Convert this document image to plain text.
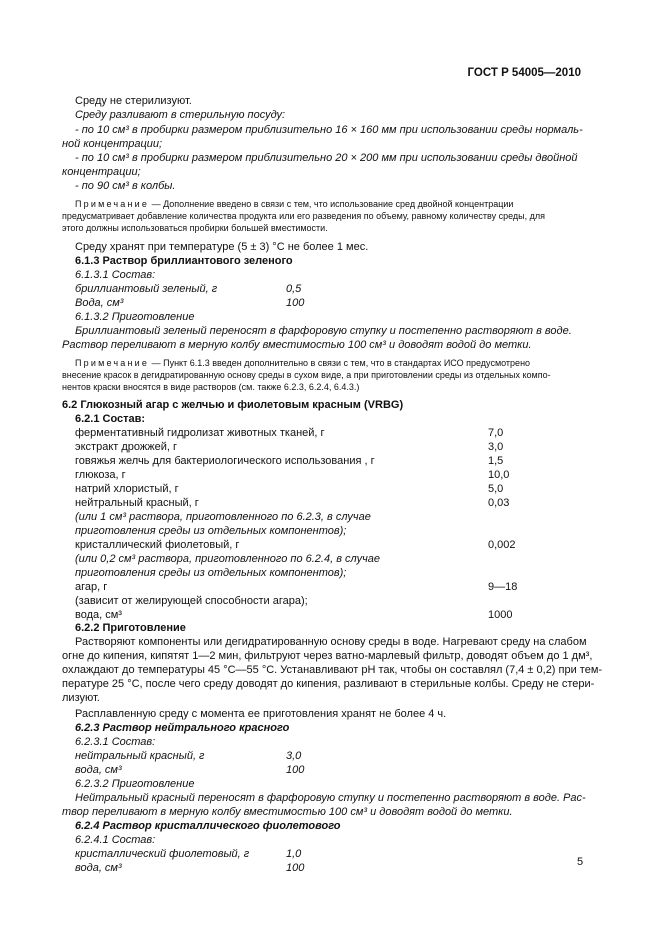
ГОСТ Р 54005—2010
Среду не стерилизуют.
Среду разливают в стерильную посуду:
- по 10 см³ в пробирки размером приблизительно 16 × 160 мм при использовании среды нормаль-
ной концентрации;
- по 10 см³ в пробирки размером приблизительно 20 × 200 мм при использовании среды двойной
концентрации;
- по 90 см³ в колбы.
Примечание — Дополнение введено в связи с тем, что использование сред двойной концентрации
предусматривает добавление количества продукта или его разведения по объему, равному количеству среды, для
этого должны использоваться пробирки большей вместимости.
Среду хранят при температуре (5 ± 3) °С не более 1 мес.
6.1.3 Раствор бриллиантового зеленого
6.1.3.1 Состав:
бриллиантовый зеленый, г
Вода, см³
6.1.3.2 Приготовление
Бриллиантовый зеленый переносят в фарфоровую ступку и постепенно растворяют в воде.
Раствор переливают в мерную колбу вместимостью 100 см³ и доводят водой до метки.
Примечание — Пункт 6.1.3 введен дополнительно в связи с тем, что в стандартах ИСО предусмотрено
внесение красок в дегидратированную основу среды в сухом виде, а при приготовлении среды из отдельных компо-
нентов краски вносятся в виде растворов (см. также 6.2.3, 6.2.4, 6.4.3.)
6.2 Глюкозный агар с желчью и фиолетовым красным (VRBG)
6.2.1 Состав:
ферментативный гидролизат животных тканей, г
экстракт дрожжей, г
говяжья желчь для бактериологического использования , г
глюкоза, г
натрий хлористый, г
нейтральный красный, г
(или 1 см³ раствора, приготовленного по 6.2.3, в случае
приготовления среды из отдельных компонентов);
кристаллический фиолетовый, г
(или 0,2 см³ раствора, приготовленного по 6.2.4, в случае
приготовления среды из отдельных компонентов);
агар, г
(зависит от желирующей способности агара);
вода, см³
6.2.2 Приготовление
Растворяют компоненты или дегидратированную основу среды в воде. Нагревают среду на слабом
огне до кипения, кипятят 1—2 мин, фильтруют через ватно-марлевый фильтр, доводят объем до 1 дм³,
охлаждают до температуры 45 °С—55 °С. Устанавливают рН так, чтобы он составлял (7,4 ± 0,2) при тем-
пературе 25 °С, после чего среду доводят до кипения, разливают в стерильные колбы. Среду не стери-
лизуют.
Расплавленную среду с момента ее приготовления хранят не более 4 ч.
6.2.3 Раствор нейтрального красного
6.2.3.1 Состав:
нейтральный красный, г
вода, см³
6.2.3.2 Приготовление
Нейтральный красный переносят в фарфоровую ступку и постепенно растворяют в воде. Рас-
твор переливают в мерную колбу вместимостью 100 см³ и доводят водой до метки.
6.2.4 Раствор кристаллического фиолетового
6.2.4.1 Состав:
кристаллический фиолетовый, г
вода, см³
0,5
100
7,0
3,0
1,5
10,0
5,0
0,03
0,002
9—18
1000
3,0
100
1,0
100	5
